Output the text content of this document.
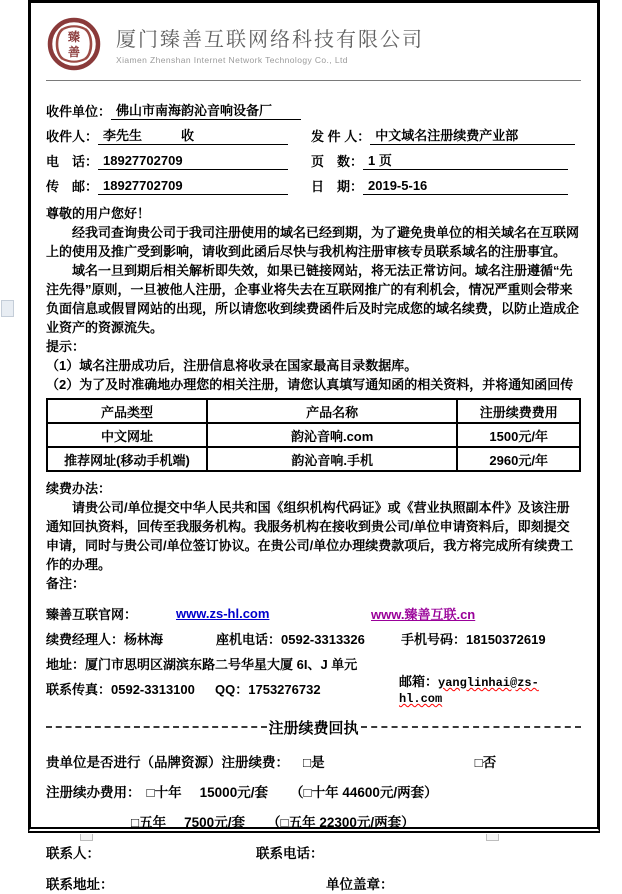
臻
善
厦门臻善互联网络科技有限公司
Xiamen Zhenshan Internet Network Technology Co., Ltd
收件单位： 佛山市南海韵沁音响设备厂
收件人： 李先生　　　收	发 件 人： 中文域名注册续费产业部
电　话： 18927702709	页　数： 1 页
传　邮： 18927702709	日　期： 2019-5-16
尊敬的用户您好！
经我司查询贵公司于我司注册使用的域名已经到期，为了避免贵单位的相关域名在互联网上的使用及推广受到影响，请收到此函后尽快与我机构注册审核专员联系域名的注册事宜。
域名一旦到期后相关解析即失效，如果已链接网站，将无法正常访问。域名注册遵循“先注先得”原则，一旦被他人注册，企事业将失去在互联网推广的有利机会，情况严重则会带来负面信息或假冒网站的出现，所以请您收到续费函件后及时完成您的域名续费，以防止造成企业资产的资源流失。
提示：
（1）域名注册成功后，注册信息将收录在国家最高目录数据库。
（2）为了及时准确地办理您的相关注册，请您认真填写通知函的相关资料，并将通知函回传
产品类型	产品名称	注册续费费用
中文网址	韵沁音响.com	1500元/年
推荐网址(移动手机端)	韵沁音响.手机	2960元/年
续费办法：
请贵公司/单位提交中华人民共和国《组织机构代码证》或《营业执照副本件》及该注册通知回执资料，回传至我服务机构。我服务机构在接收到贵公司/单位申请资料后，即刻提交申请，同时与贵公司/单位签订协议。在贵公司/单位办理续费款项后，我方将完成所有续费工作的办理。
备注：
臻善互联官网：	www.zs-hl.com	www.臻善互联.cn
续费经理人：杨林海	座机电话：0592-3313326	手机号码：18150372619
地址： 厦门市思明区湖滨东路二号华星大厦 6I、J 单元
联系传真：0592-3313100	QQ：1753276732
邮箱：yanglinhai@zs-hl.com
注册续费回执
贵单位是否进行（品牌资源）注册续费： □是	□否
注册续办费用： □十年 15000元/套 （□十年 44600元/两套）
□五年 7500元/套 （□五年 22300元/两套）
联系人：	联系电话：
联系地址：	单位盖章：
